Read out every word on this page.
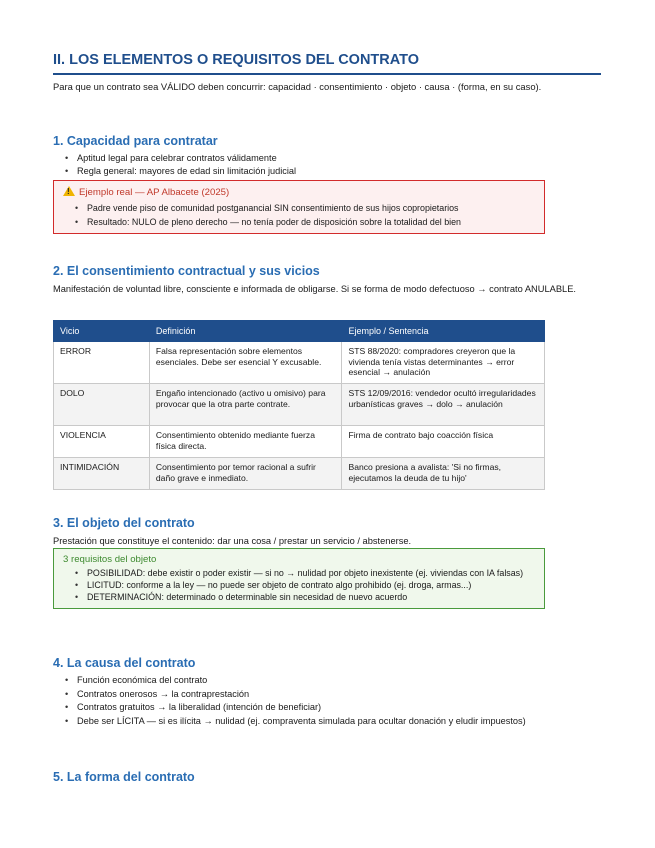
II. LOS ELEMENTOS O REQUISITOS DEL CONTRATO
Para que un contrato sea VÁLIDO deben concurrir: capacidad · consentimiento · objeto · causa · (forma, en su caso).
1. Capacidad para contratar
• Aptitud legal para celebrar contratos válidamente
• Regla general: mayores de edad sin limitación judicial
!Ejemplo real — AP Albacete (2025)
• Padre vende piso de comunidad postganancial SIN consentimiento de sus hijos copropietarios
• Resultado: NULO de pleno derecho — no tenía poder de disposición sobre la totalidad del bien
2. El consentimiento contractual y sus vicios
Manifestación de voluntad libre, consciente e informada de obligarse. Si se forma de modo defectuoso → contrato ANULABLE.
Vicio	Definición	Ejemplo / Sentencia
ERROR	Falsa representación sobre elementos esenciales. Debe ser esencial Y excusable.	STS 88/2020: compradores creyeron que la vivienda tenía vistas determinantes → error esencial → anulación
DOLO	Engaño intencionado (activo u omisivo) para provocar que la otra parte contrate.	STS 12/09/2016: vendedor ocultó irregularidades urbanísticas graves → dolo → anulación
VIOLENCIA	Consentimiento obtenido mediante fuerza física directa.	Firma de contrato bajo coacción física
INTIMIDACIÓN	Consentimiento por temor racional a sufrir daño grave e inmediato.	Banco presiona a avalista: 'Si no firmas, ejecutamos la deuda de tu hijo'
3. El objeto del contrato
Prestación que constituye el contenido: dar una cosa / prestar un servicio / abstenerse.
3 requisitos del objeto
• POSIBILIDAD: debe existir o poder existir — si no → nulidad por objeto inexistente (ej. viviendas con IA falsas)
• LICITUD: conforme a la ley — no puede ser objeto de contrato algo prohibido (ej. droga, armas...)
• DETERMINACIÓN: determinado o determinable sin necesidad de nuevo acuerdo
4. La causa del contrato
• Función económica del contrato
• Contratos onerosos → la contraprestación
• Contratos gratuitos → la liberalidad (intención de beneficiar)
• Debe ser LÍCITA — si es ilícita → nulidad (ej. compraventa simulada para ocultar donación y eludir impuestos)
5. La forma del contrato
